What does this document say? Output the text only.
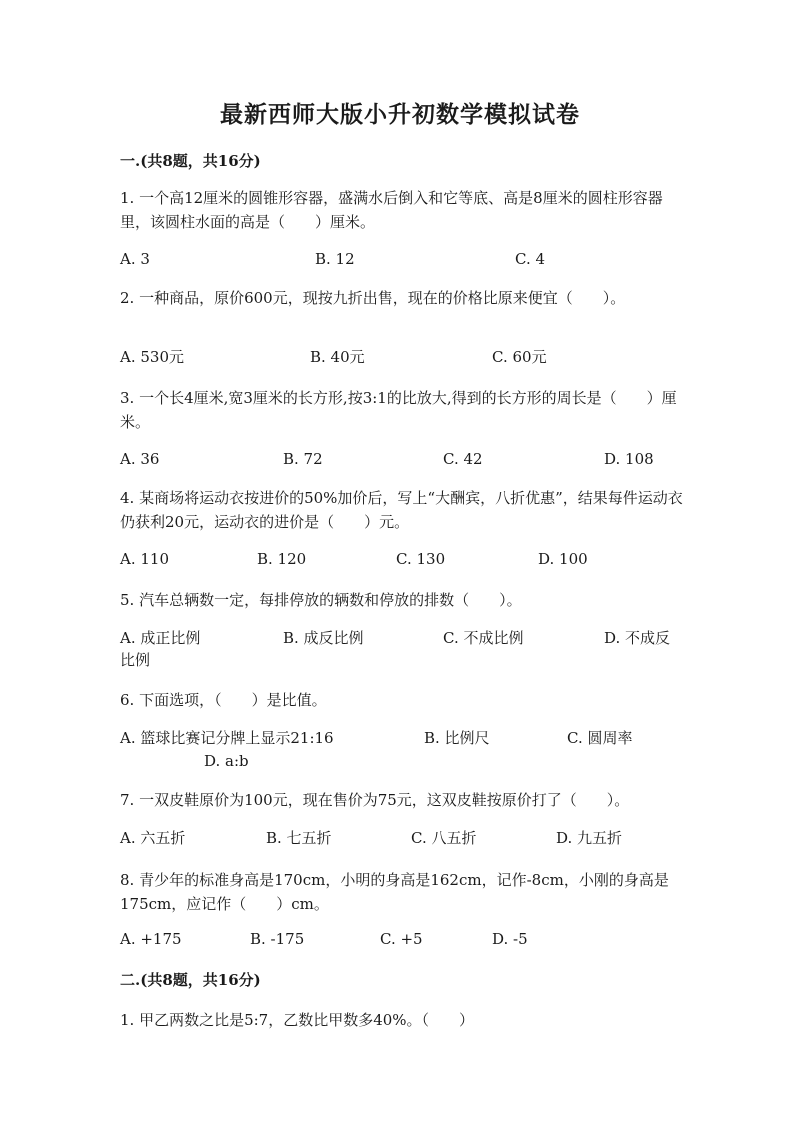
最新西师大版小升初数学模拟试卷
一.(共8题，共16分)
1. 一个高12厘米的圆锥形容器，盛满水后倒入和它等底、高是8厘米的圆柱形容器里，该圆柱水面的高是（　　）厘米。
A. 3	B. 12	C. 4
2. 一种商品，原价600元，现按九折出售，现在的价格比原来便宜（　　）。
A. 530元	B. 40元	C. 60元
3. 一个长4厘米,宽3厘米的长方形,按3:1的比放大,得到的长方形的周长是（　　）厘米。
A. 36	B. 72	C. 42	D. 108
4. 某商场将运动衣按进价的50%加价后，写上“大酬宾，八折优惠”，结果每件运动衣仍获利20元，运动衣的进价是（　　）元。
A. 110	B. 120	C. 130	D. 100
5. 汽车总辆数一定，每排停放的辆数和停放的排数（　　）。
A. 成正比例	B. 成反比例	C. 不成比例	D. 不成反
比例
6. 下面选项，（　　）是比值。
A. 篮球比赛记分牌上显示21:16	B. 比例尺	C. 圆周率
D. a:b
7. 一双皮鞋原价为100元，现在售价为75元，这双皮鞋按原价打了（　　）。
A. 六五折	B. 七五折	C. 八五折	D. 九五折
8. 青少年的标准身高是170cm，小明的身高是162cm，记作-8cm，小刚的身高是175cm，应记作（　　）cm。
A. +175	B. -175	C. +5	D. -5
二.(共8题，共16分)
1. 甲乙两数之比是5:7，乙数比甲数多40%。（　　）
